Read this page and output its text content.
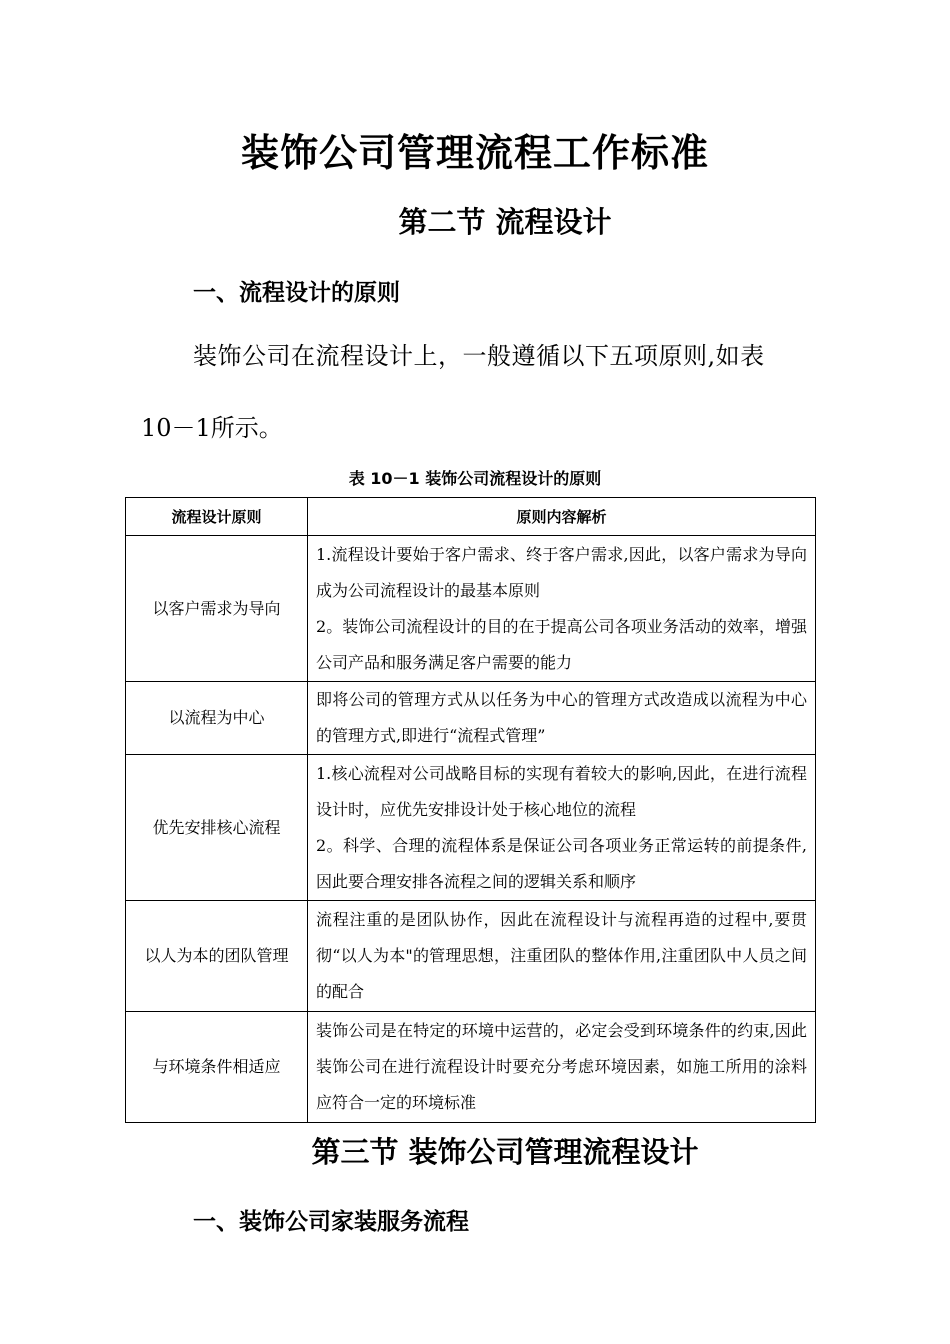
装饰公司管理流程工作标准
第二节 流程设计
一、流程设计的原则
装饰公司在流程设计上，一般遵循以下五项原则,如表
10－1所示。
表 10－1 装饰公司流程设计的原则
流程设计原则	原则内容解析
以客户需求为导向	1.流程设计要始于客户需求、终于客户需求,因此，以客户需求为导向成为公司流程设计的最基本原则
2。装饰公司流程设计的目的在于提高公司各项业务活动的效率，增强公司产品和服务满足客户需要的能力
以流程为中心	即将公司的管理方式从以任务为中心的管理方式改造成以流程为中心的管理方式,即进行“流程式管理”
优先安排核心流程	1.核心流程对公司战略目标的实现有着较大的影响,因此，在进行流程设计时，应优先安排设计处于核心地位的流程
2。科学、合理的流程体系是保证公司各项业务正常运转的前提条件,因此要合理安排各流程之间的逻辑关系和顺序
以人为本的团队管理	流程注重的是团队协作，因此在流程设计与流程再造的过程中,要贯彻“以人为本"的管理思想，注重团队的整体作用,注重团队中人员之间的配合
与环境条件相适应	装饰公司是在特定的环境中运营的，必定会受到环境条件的约束,因此装饰公司在进行流程设计时要充分考虑环境因素，如施工所用的涂料应符合一定的环境标准
第三节 装饰公司管理流程设计
一、装饰公司家装服务流程
